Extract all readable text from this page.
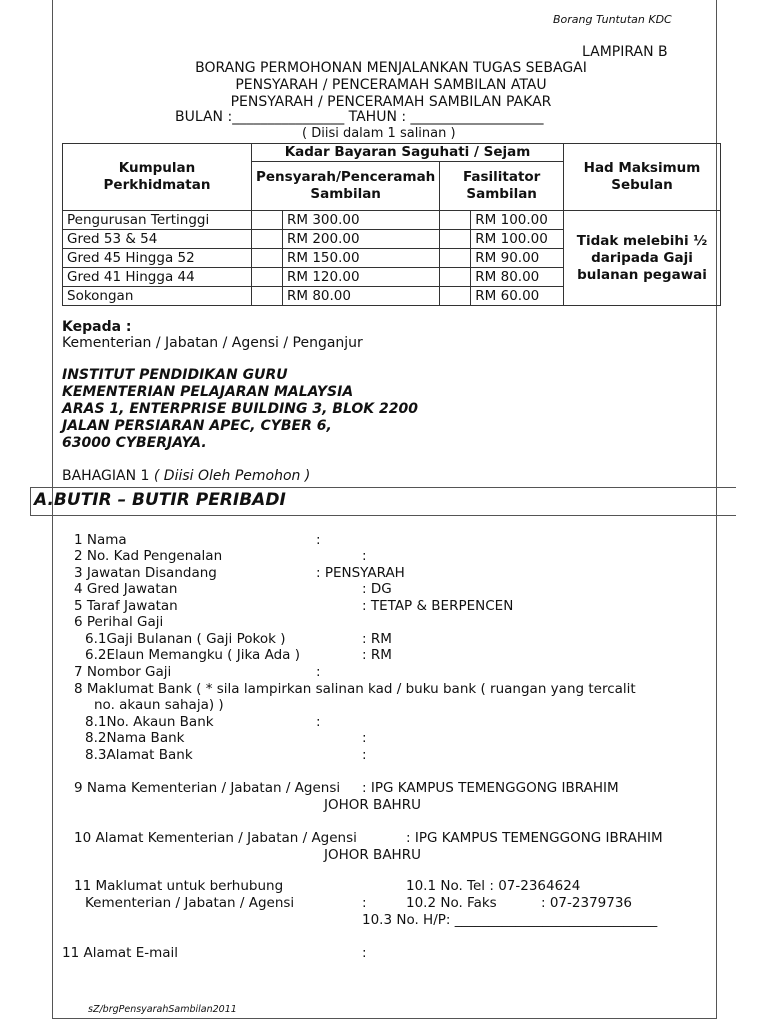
Borang Tuntutan KDC
LAMPIRAN B
BORANG PERMOHONAN MENJALANKAN TUGAS SEBAGAI
PENSYARAH / PENCERAMAH SAMBILAN ATAU
PENSYARAH / PENCERAMAH SAMBILAN PAKAR
BULAN :________________ TAHUN : ___________________
( Diisi dalam 1 salinan )
Kumpulan Perkhidmatan	Kadar Bayaran Saguhati / Sejam				Had Maksimum Sebulan
	Pensyarah/Penceramah Sambilan		Fasilitator Sambilan		
Pengurusan Tertinggi		RM 300.00		RM 100.00	Tidak melebihi ½ daripada Gaji bulanan pegawai
Gred 53 & 54		RM 200.00		RM 100.00	
Gred 45 Hingga 52		RM 150.00		RM 90.00	
Gred 41 Hingga 44		RM 120.00		RM 80.00	
Sokongan		RM 80.00		RM 60.00	
Kepada :
Kementerian / Jabatan / Agensi / Penganjur
INSTITUT PENDIDIKAN GURU
KEMENTERIAN PELAJARAN MALAYSIA
ARAS 1, ENTERPRISE BUILDING 3, BLOK 2200
JALAN PERSIARAN APEC, CYBER 6,
63000 CYBERJAYA.
BAHAGIAN 1 ( Diisi Oleh Pemohon )
A.BUTIR – BUTIR PERIBADI
1 Nama	:
2 No. Kad Pengenalan	:
3 Jawatan Disandang	: PENSYARAH
4 Gred Jawatan	: DG
5 Taraf Jawatan	: TETAP & BERPENCEN
6 Perihal Gaji
6.1Gaji Bulanan ( Gaji Pokok )	: RM
6.2Elaun Memangku ( Jika Ada )	: RM
7 Nombor Gaji	:
8 Maklumat Bank ( * sila lampirkan salinan kad / buku bank ( ruangan yang tercalit
no. akaun sahaja) )
8.1No. Akaun Bank	:
8.2Nama Bank	:
8.3Alamat Bank	:
9 Nama Kementerian / Jabatan / Agensi : IPG KAMPUS TEMENGGONG IBRAHIM
JOHOR BAHRU
10 Alamat Kementerian / Jabatan / Agensi	: IPG KAMPUS TEMENGGONG IBRAHIM
JOHOR BAHRU
11 Maklumat untuk berhubung	10.1 No. Tel : 07-2364624
Kementerian / Jabatan / Agensi	:	10.2 No. Faks	: 07-2379736
10.3 No. H/P: ______________________________
11 Alamat E-mail	:
sZ/brgPensyarahSambilan2011
